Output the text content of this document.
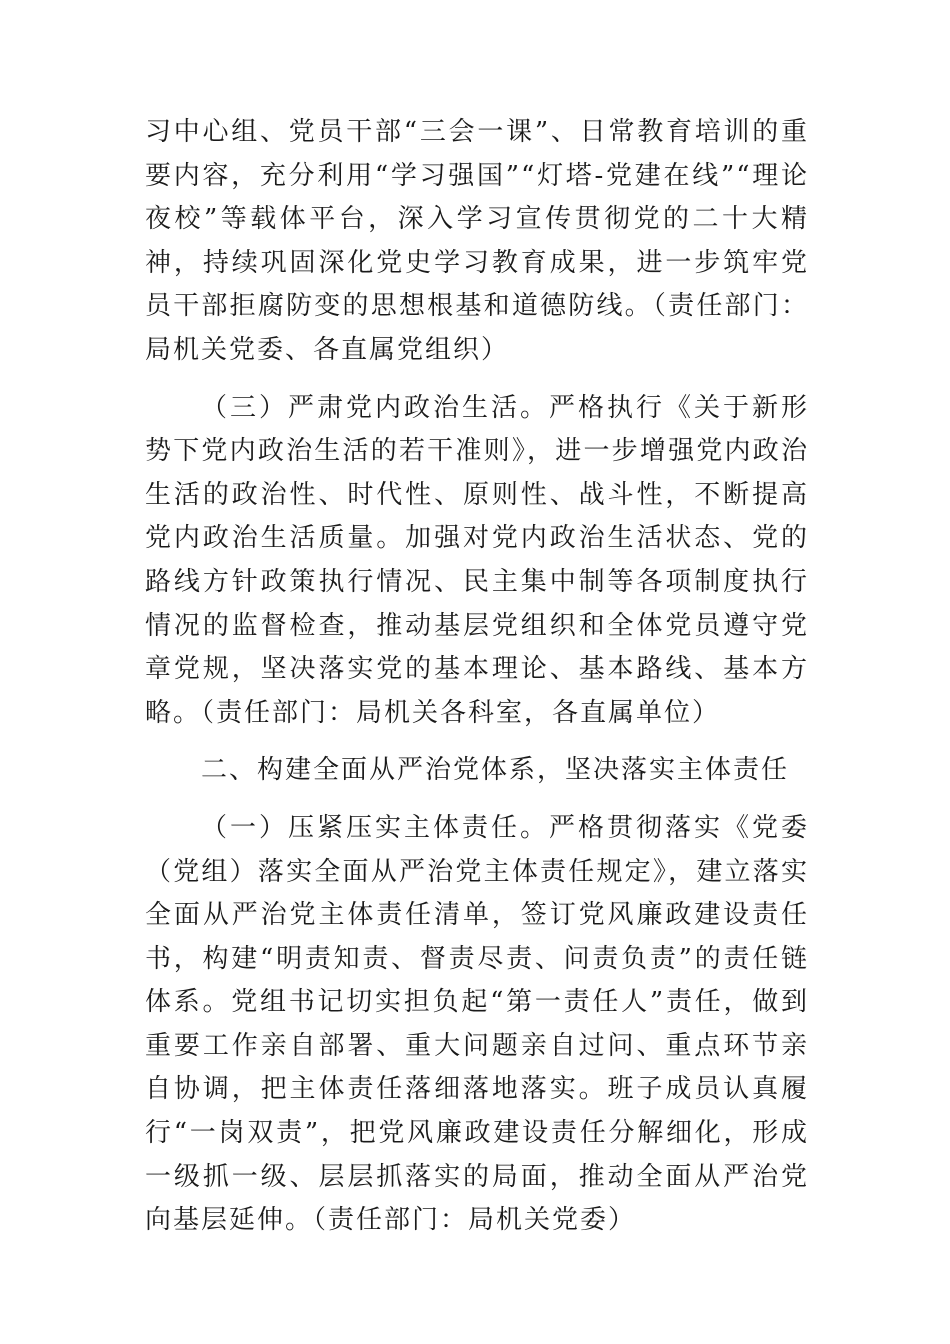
习中心组、党员干部“三会一课”、日常教育培训的重要内容，充分利用“学习强国”“灯塔-党建在线”“理论夜校”等载体平台，深入学习宣传贯彻党的二十大精神，持续巩固深化党史学习教育成果，进一步筑牢党员干部拒腐防变的思想根基和道德防线。（责任部门：局机关党委、各直属党组织）

（三）严肃党内政治生活。严格执行《关于新形势下党内政治生活的若干准则》，进一步增强党内政治生活的政治性、时代性、原则性、战斗性，不断提高党内政治生活质量。加强对党内政治生活状态、党的路线方针政策执行情况、民主集中制等各项制度执行情况的监督检查，推动基层党组织和全体党员遵守党章党规，坚决落实党的基本理论、基本路线、基本方略。（责任部门：局机关各科室，各直属单位）

二、构建全面从严治党体系，坚决落实主体责任

（一）压紧压实主体责任。严格贯彻落实《党委（党组）落实全面从严治党主体责任规定》，建立落实全面从严治党主体责任清单，签订党风廉政建设责任书，构建“明责知责、督责尽责、问责负责”的责任链体系。党组书记切实担负起“第一责任人”责任，做到重要工作亲自部署、重大问题亲自过问、重点环节亲自协调，把主体责任落细落地落实。班子成员认真履行“一岗双责”，把党风廉政建设责任分解细化，形成一级抓一级、层层抓落实的局面，推动全面从严治党向基层延伸。（责任部门：局机关党委）
